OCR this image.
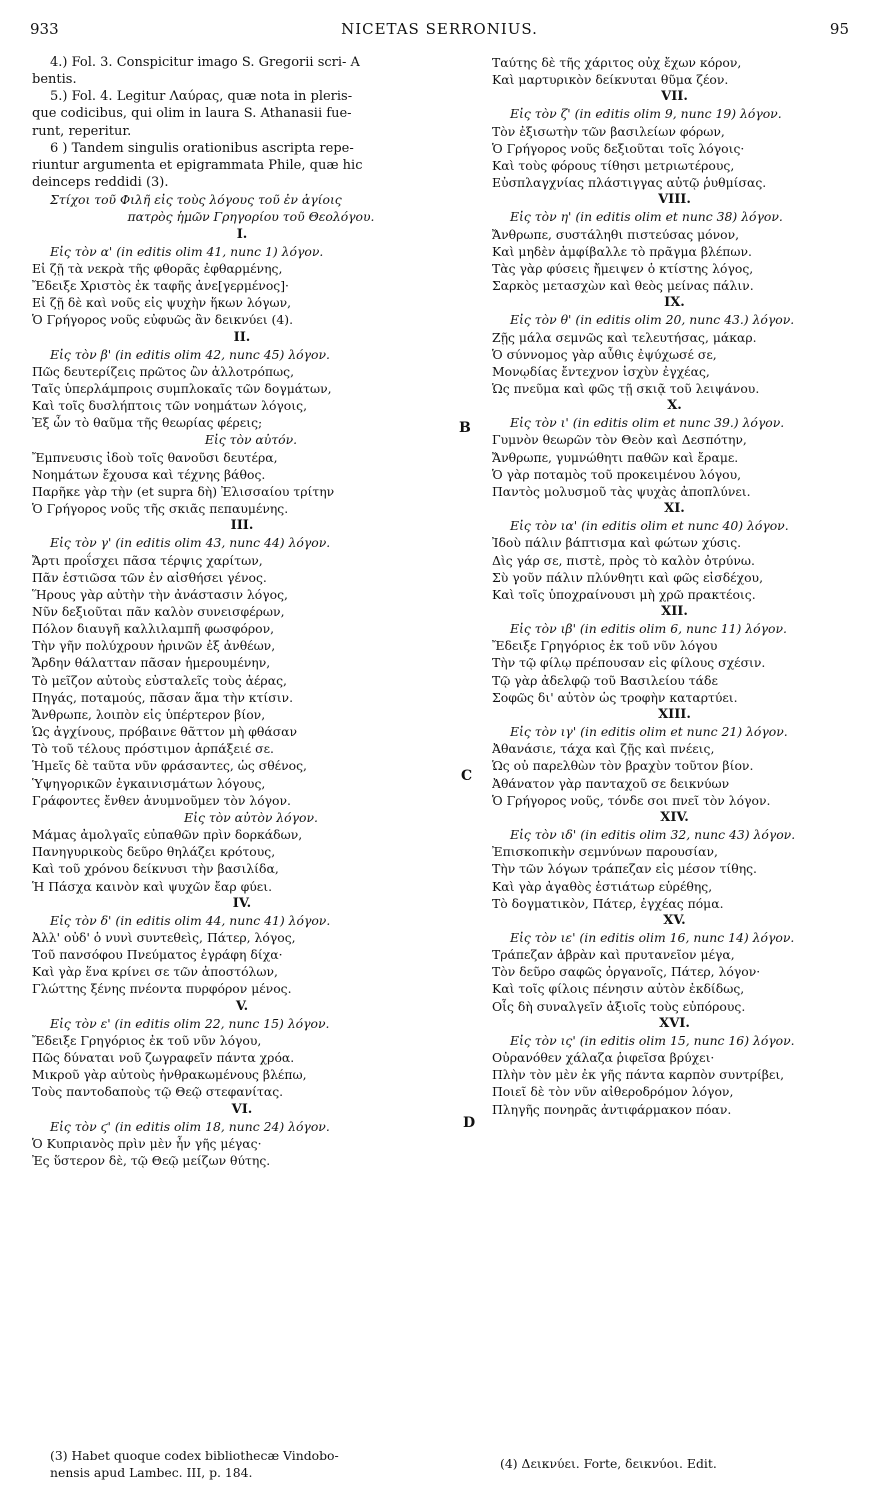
933	NICETAS SERRONIUS.	95
4.) Fol. 3. Conspicitur imago S. Gregorii scri- A
bentis.
5.) Fol. 4. Legitur Λαύρας, quæ nota in pleris-
que codicibus, qui olim in laura S. Athanasii fue-
runt, reperitur.
6 ) Tandem singulis orationibus ascripta repe-
riuntur argumenta et epigrammata Phile, quæ hic
deinceps reddidi (3).
Στίχοι τοῦ Φιλῆ εἰς τοὺς λόγους τοῦ ἐν ἁγίοις
πατρὸς ἡμῶν Γρηγορίου τοῦ Θεολόγου.
I.
Εἰς τὸν α' (in editis olim 41, nunc 1) λόγον.
Εἰ ζῇ τὰ νεκρὰ τῆς φθορᾶς ἐφθαρμένης,
Ἔδειξε Χριστὸς ἐκ ταφῆς ἀνε[γερμένος]·
Εἰ ζῇ δὲ καὶ νοῦς εἰς ψυχὴν ἥκων λόγων,
Ὁ Γρήγορος νοῦς εὐφυῶς ἂν δεικνύει (4).
II.
Εἰς τὸν β' (in editis olim 42, nunc 45) λόγον.
Πῶς δευτερίζεις πρῶτος ὢν ἀλλοτρόπως,
Ταῖς ὑπερλάμπροις συμπλοκαῖς τῶν δογμάτων,
Καὶ τοῖς δυσλήπτοις τῶν νοημάτων λόγοις,
Ἐξ ὧν τὸ θαῦμα τῆς θεωρίας φέρεις;
Εἰς τὸν αὐτόν.
Ἔμπνευσις ἰδοὺ τοῖς θανοῦσι δευτέρα,
Νοημάτων ἔχουσα καὶ τέχνης βάθος.
Παρῆκε γὰρ τὴν (et supra δὴ) Ἐλισσαίου τρίτην
Ὁ Γρήγορος νοῦς τῆς σκιᾶς πεπαυμένης.
III.
Εἰς τὸν γ' (in editis olim 43, nunc 44) λόγον.
Ἄρτι προΐσχει πᾶσα τέρψις χαρίτων,
Πᾶν ἑστιῶσα τῶν ἐν αἰσθήσει γένος.
Ἥρους γὰρ αὐτὴν τὴν ἀνάστασιν λόγος,
Νῦν δεξιοῦται πᾶν καλὸν συνεισφέρων,
Πόλον διαυγῆ καλλιλαμπῆ φωσφόρον,
Τὴν γῆν πολύχρουν ἠρινῶν ἐξ ἀνθέων,
Ἄρδην θάλατταν πᾶσαν ἡμερουμένην,
Τὸ μεῖζον αὐτοὺς εὐσταλεῖς τοὺς ἀέρας,
Πηγάς, ποταμούς, πᾶσαν ἅμα τὴν κτίσιν.
Ἄνθρωπε, λοιπὸν εἰς ὑπέρτερον βίον,
Ὡς ἀγχίνους, πρόβαινε θᾶττον μὴ φθάσαν
Τὸ τοῦ τέλους πρόστιμον ἁρπάξειέ σε.
Ἡμεῖς δὲ ταῦτα νῦν φράσαντες, ὡς σθένος,
Ὑψηγορικῶν ἐγκαινισμάτων λόγους,
Γράφοντες ἔνθεν ἀνυμνοῦμεν τὸν λόγον.
Εἰς τὸν αὐτὸν λόγον.
Μάμας ἀμολγαῖς εὐπαθῶν πρὶν δορκάδων,
Πανηγυρικοὺς δεῦρο θηλάζει κρότους,
Καὶ τοῦ χρόνου δείκνυσι τὴν βασιλίδα,
Ἡ Πάσχα καινὸν καὶ ψυχῶν ἔαρ φύει.
IV.
Εἰς τὸν δ' (in editis olim 44, nunc 41) λόγον.
Ἀλλ' οὐδ' ὁ νυνὶ συντεθεὶς, Πάτερ, λόγος,
Τοῦ πανσόφου Πνεύματος ἐγράφη δίχα·
Καὶ γὰρ ἕνα κρίνει σε τῶν ἀποστόλων,
Γλώττης ξένης πνέοντα πυρφόρον μένος.
V.
Εἰς τὸν ε' (in editis olim 22, nunc 15) λόγον.
Ἔδειξε Γρηγόριος ἐκ τοῦ νῦν λόγου,
Πῶς δύναται νοῦ ζωγραφεῖν πάντα χρόα.
Μικροῦ γὰρ αὐτοὺς ἠνθρακωμένους βλέπω,
Τοὺς παντοδαποὺς τῷ Θεῷ στεφανίτας.
VI.
Εἰς τὸν ϛ' (in editis olim 18, nunc 24) λόγον.
Ὁ Κυπριανὸς πρὶν μὲν ἦν γῆς μέγας·
Ἐς ὕστερον δὲ, τῷ Θεῷ μείζων θύτης.
Ταύτης δὲ τῆς χάριτος οὐχ ἔχων κόρον,
Καὶ μαρτυρικὸν δείκνυται θῦμα ζέον.
VII.
Εἰς τὸν ζ' (in editis olim 9, nunc 19) λόγον.
Τὸν ἐξισωτὴν τῶν βασιλείων φόρων,
Ὁ Γρήγορος νοῦς δεξιοῦται τοῖς λόγοις·
Καὶ τοὺς φόρους τίθησι μετριωτέρους,
Εὐσπλαγχνίας πλάστιγγας αὐτῷ ῥυθμίσας.
VIII.
Εἰς τὸν η' (in editis olim et nunc 38) λόγον.
Ἄνθρωπε, συστάληθι πιστεύσας μόνον,
Καὶ μηδὲν ἀμφίβαλλε τὸ πρᾶγμα βλέπων.
Τὰς γὰρ φύσεις ἤμειψεν ὁ κτίστης λόγος,
Σαρκὸς μετασχὼν καὶ θεὸς μείνας πάλιν.
IX.
Εἰς τὸν θ' (in editis olim 20, nunc 43.) λόγον.
Ζῇς μάλα σεμνῶς καὶ τελευτήσας, μάκαρ.
Ὁ σύννομος γὰρ αὖθις ἐψύχωσέ σε,
Μονῳδίας ἔντεχνον ἰσχὺν ἐγχέας,
Ὡς πνεῦμα καὶ φῶς τῇ σκιᾷ τοῦ λειψάνου.
X.
Εἰς τὸν ι' (in editis olim et nunc 39.) λόγον.
Γυμνὸν θεωρῶν τὸν Θεὸν καὶ Δεσπότην,
Ἄνθρωπε, γυμνώθητι παθῶν καὶ ἔραμε.
Ὁ γὰρ ποταμὸς τοῦ προκειμένου λόγου,
Παντὸς μολυσμοῦ τὰς ψυχὰς ἀποπλύνει.
XI.
Εἰς τὸν ια' (in editis olim et nunc 40) λόγον.
Ἰδοὺ πάλιν βάπτισμα καὶ φώτων χύσις.
Δὶς γάρ σε, πιστὲ, πρὸς τὸ καλὸν ὀτρύνω.
Σὺ γοῦν πάλιν πλύνθητι καὶ φῶς εἰσδέχου,
Καὶ τοῖς ὑποχραίνουσι μὴ χρῶ πρακτέοις.
XII.
Εἰς τὸν ιβ' (in editis olim 6, nunc 11) λόγον.
Ἔδειξε Γρηγόριος ἐκ τοῦ νῦν λόγου
Τὴν τῷ φίλῳ πρέπουσαν εἰς φίλους σχέσιν.
Τῷ γὰρ ἀδελφῷ τοῦ Βασιλείου τάδε
Σοφῶς δι' αὐτὸν ὡς τροφὴν καταρτύει.
XIII.
Εἰς τὸν ιγ' (in editis olim et nunc 21) λόγον.
Ἀθανάσιε, τάχα καὶ ζῇς καὶ πνέεις,
Ὡς οὐ παρελθὼν τὸν βραχὺν τοῦτον βίον.
Ἀθάνατον γὰρ πανταχοῦ σε δεικνύων
Ὁ Γρήγορος νοῦς, τόνδε σοι πνεῖ τὸν λόγον.
XIV.
Εἰς τὸν ιδ' (in editis olim 32, nunc 43) λόγον.
Ἐπισκοπικὴν σεμνύνων παρουσίαν,
Τὴν τῶν λόγων τράπεζαν εἰς μέσον τίθης.
Καὶ γὰρ ἀγαθὸς ἑστιάτωρ εὑρέθης,
Τὸ δογματικὸν, Πάτερ, ἐγχέας πόμα.
XV.
Εἰς τὸν ιε' (in editis olim 16, nunc 14) λόγον.
Τράπεζαν ἁβρὰν καὶ πρυτανεῖον μέγα,
Τὸν δεῦρο σαφῶς ὀργανοῖς, Πάτερ, λόγον·
Καὶ τοῖς φίλοις πένησιν αὐτὸν ἐκδίδως,
Οἷς δὴ συναλγεῖν ἀξιοῖς τοὺς εὐπόρους.
XVI.
Εἰς τὸν ις' (in editis olim 15, nunc 16) λόγον.
Οὐρανόθεν χάλαζα ῥιφεῖσα βρύχει·
Πλὴν τὸν μὲν ἐκ γῆς πάντα καρπὸν συντρίβει,
Ποιεῖ δὲ τὸν νῦν αἰθεροδρόμον λόγον,
Πληγῆς πονηρᾶς ἀντιφάρμακον πόαν.
B
C
D
(3) Habet quoque codex bibliothecæ Vindobo-
nensis apud Lambec. III, p. 184.
(4) Δεικνύει. Forte, δεικνύοι. Edit.
